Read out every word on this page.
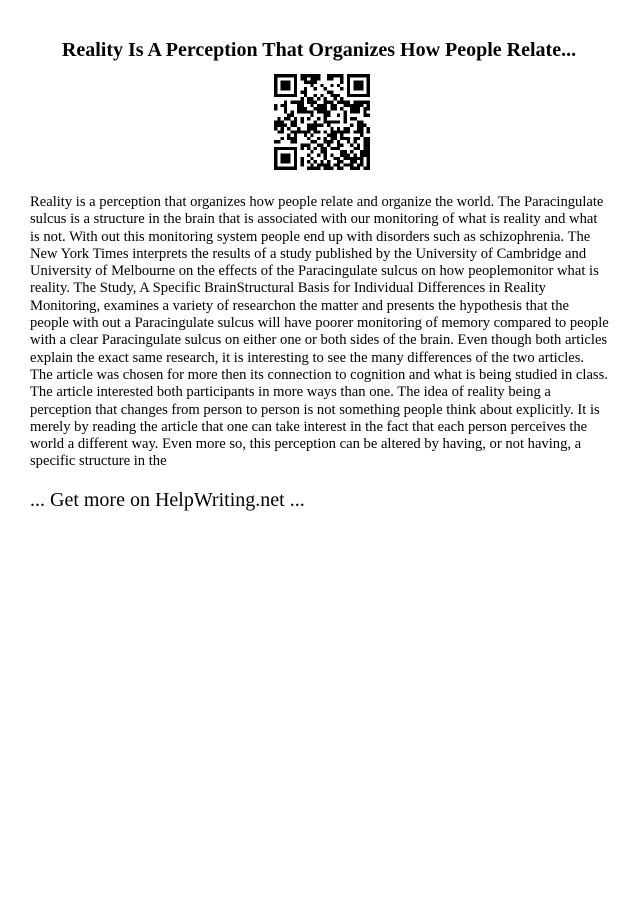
Reality Is A Perception That Organizes How People Relate...

Reality is a perception that organizes how people relate and organize the world. The Paracingulate sulcus is a structure in the brain that is associated with our monitoring of what is reality and what is not. With out this monitoring system people end up with disorders such as schizophrenia. The New York Times interprets the results of a study published by the University of Cambridge and University of Melbourne on the effects of the Paracingulate sulcus on how peoplemonitor what is reality. The Study, A Specific BrainStructural Basis for Individual Differences in Reality Monitoring, examines a variety of researchon the matter and presents the hypothesis that the people with out a Paracingulate sulcus will have poorer monitoring of memory compared to people with a clear Paracingulate sulcus on either one or both sides of the brain. Even though both articles explain the exact same research, it is interesting to see the many differences of the two articles. The article was chosen for more then its connection to cognition and what is being studied in class. The article interested both participants in more ways than one. The idea of reality being a perception that changes from person to person is not something people think about explicitly. It is merely by reading the article that one can take interest in the fact that each person perceives the world a different way. Even more so, this perception can be altered by having, or not having, a specific structure in the

... Get more on HelpWriting.net ...
